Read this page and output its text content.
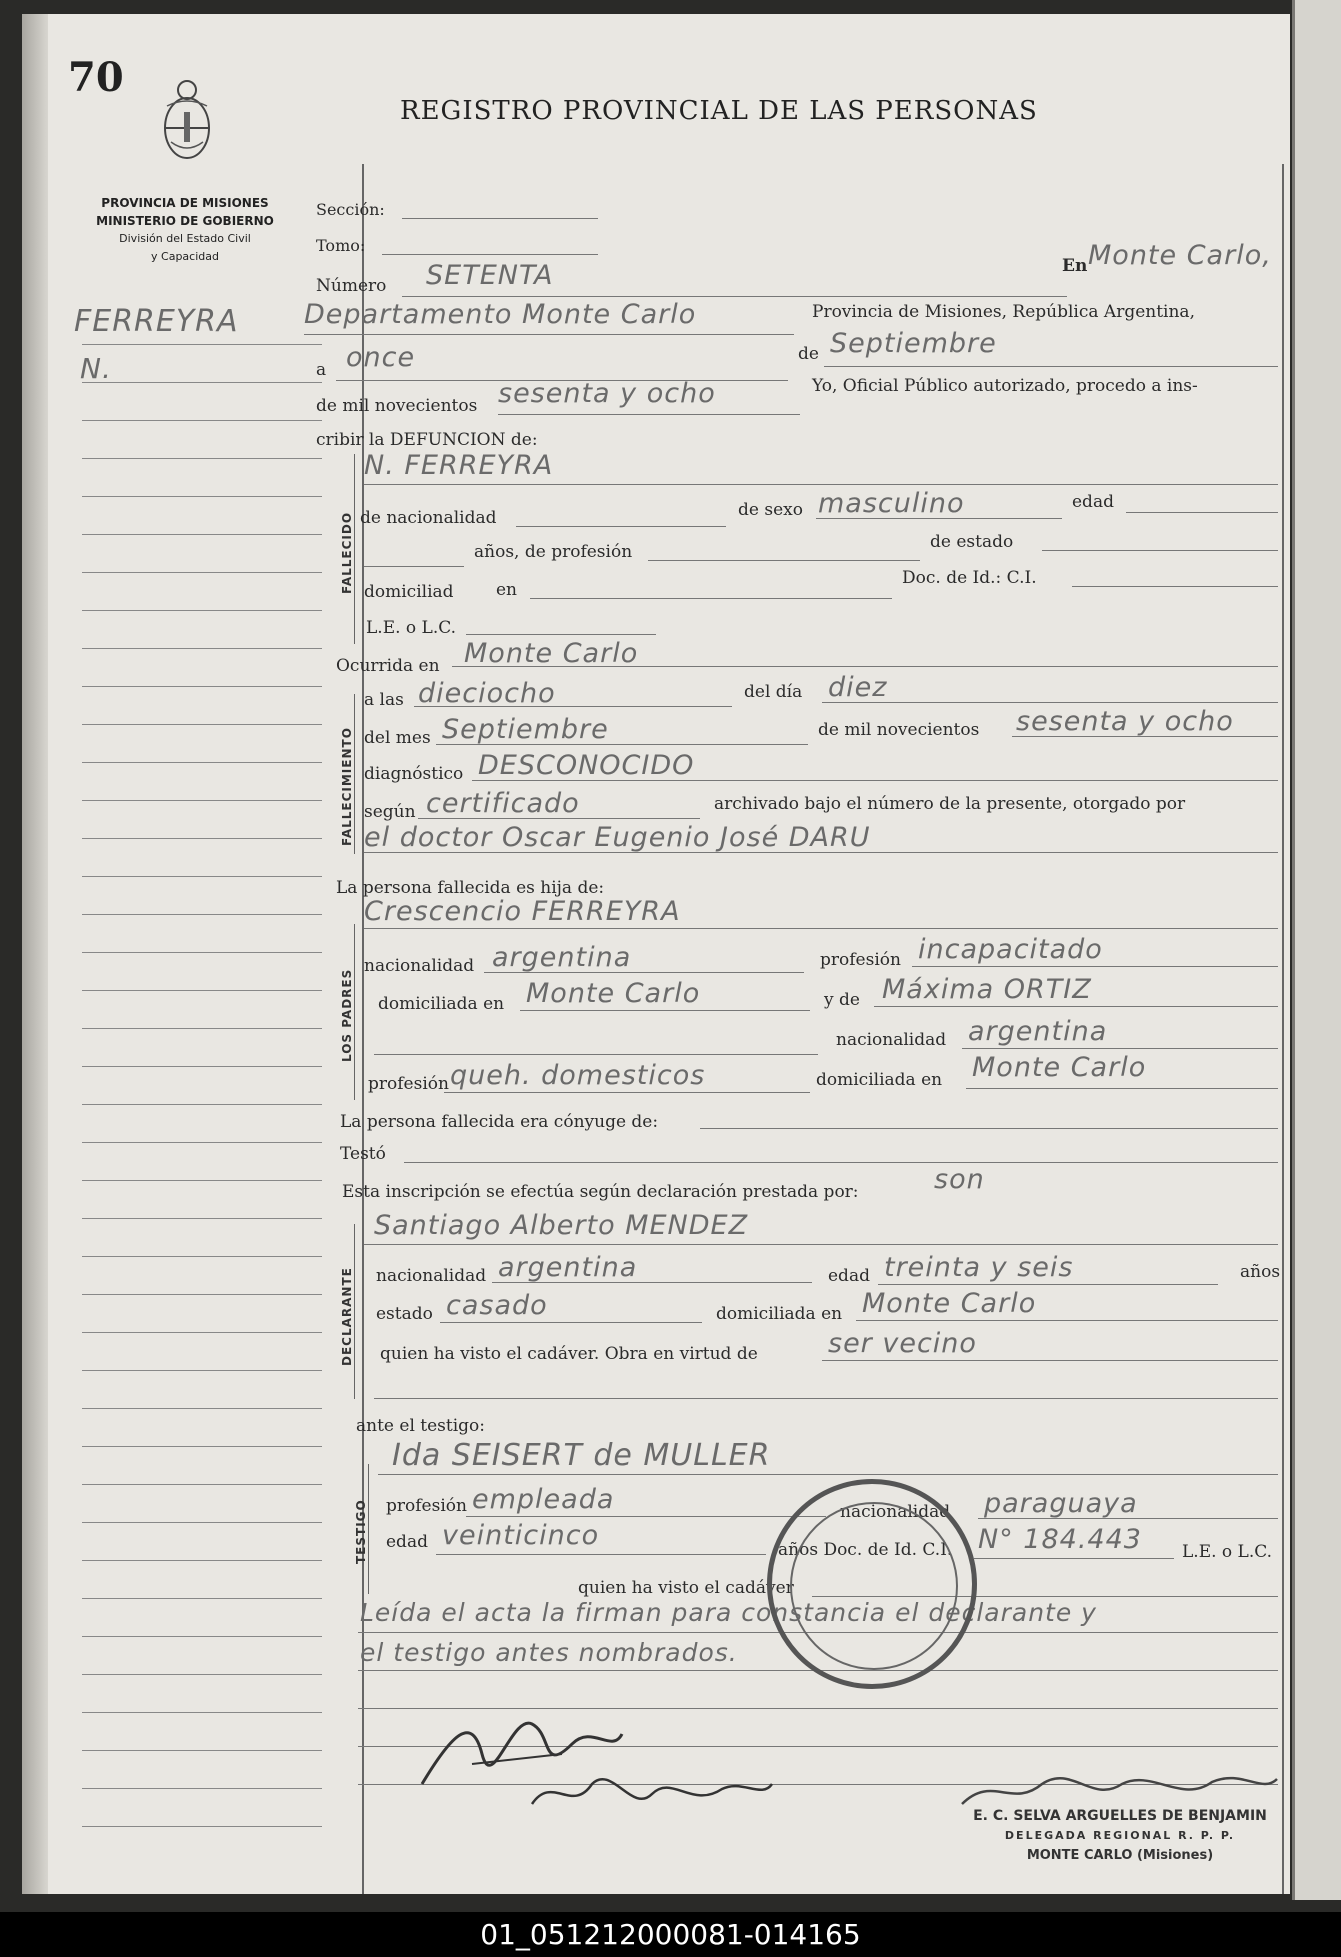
70
REGISTRO PROVINCIAL DE LAS PERSONAS
PROVINCIA DE MISIONES
MINISTERIO DE GOBIERNO
División del Estado Civil
y Capacidad
FERREYRA
N.
Sección:
Tomo:
Número SETENTA	En Monte Carlo,
Departamento Monte Carlo	Provincia de Misiones, República Argentina,
a once	de Septiembre
de mil novecientos sesenta y ocho	Yo, Oficial Público autorizado, procedo a ins-
cribir la DEFUNCION de:
FALLECIDO
N. FERREYRA
de nacionalidad	de sexo masculino	edad
años, de profesión	de estado
domiciliad en
Doc. de Id.: C.I.
L.E. o L.C.
Ocurrida en Monte Carlo
FALLECIMIENTO
a las dieciocho	del día diez
del mes Septiembre	de mil novecientos sesenta y ocho
diagnóstico DESCONOCIDO
según certificado	archivado bajo el número de la presente, otorgado por
el doctor Oscar Eugenio José DARU
La persona fallecida es hija de:
LOS PADRES
Crescencio FERREYRA
nacionalidad argentina	profesión incapacitado
domiciliada en Monte Carlo	y de Máxima ORTIZ
nacionalidad argentina
profesión queh. domesticos	domiciliada en Monte Carlo
La persona fallecida era cónyuge de:
Testó
Esta inscripción se efectúa según declaración prestada por:	son
DECLARANTE
Santiago Alberto MENDEZ
nacionalidad argentina	edad treinta y seis	años
estado casado	domiciliada en Monte Carlo
quien ha visto el cadáver. Obra en virtud de	ser vecino
ante el testigo:
TESTIGO
Ida SEISERT de MULLER
profesión empleada	nacionalidad paraguaya
edad veinticinco	años Doc. de Id. C.I. N° 184.443 L.E. o L.C.
quien ha visto el cadáver
Leída el acta la firman para constancia el declarante y
el testigo antes nombrados.
E. C. SELVA ARGUELLES DE BENJAMIN
DELEGADA REGIONAL R. P. P.
MONTE CARLO (Misiones)
01_051212000081-014165
